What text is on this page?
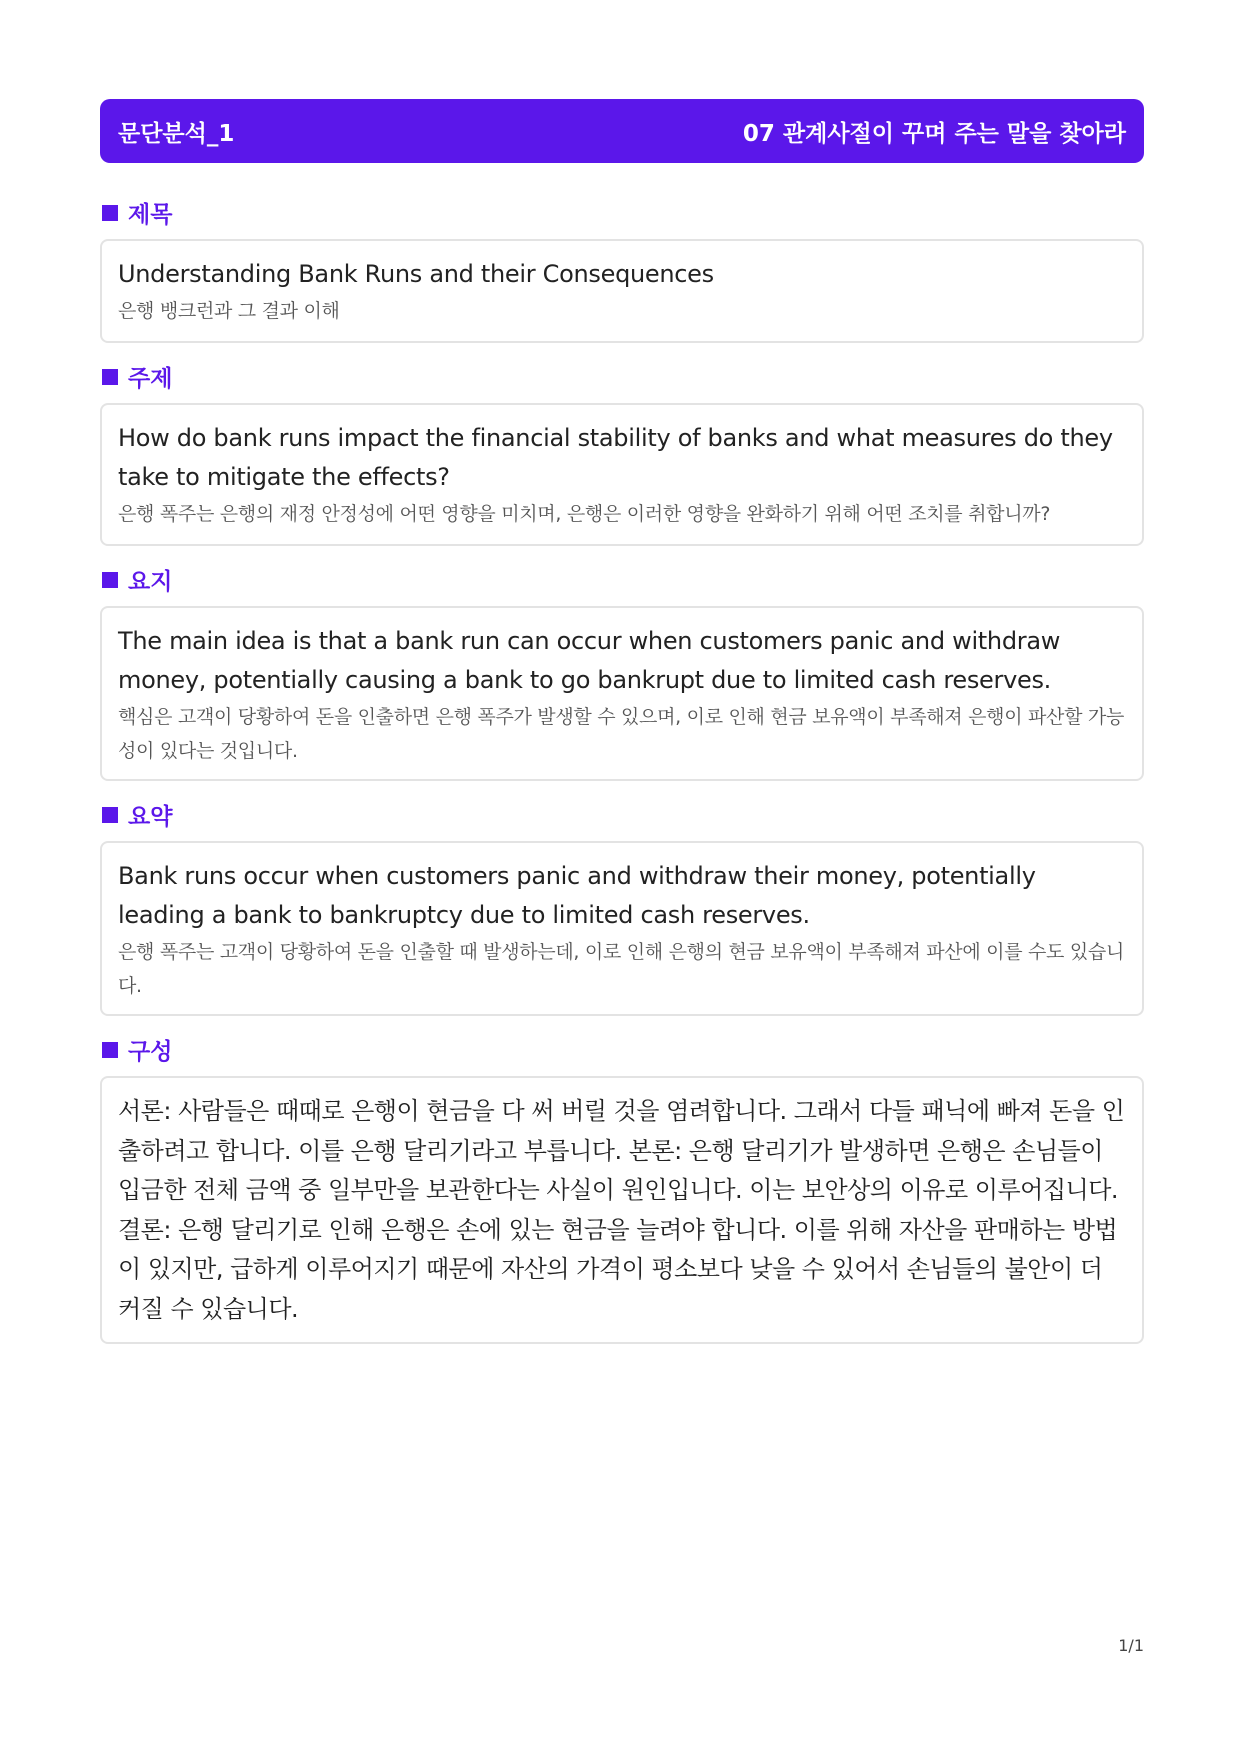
문단분석_1	07 관계사절이 꾸며 주는 말을 찾아라
제목
Understanding Bank Runs and their Consequences
은행 뱅크런과 그 결과 이해
주제
How do bank runs impact the financial stability of banks and what measures do they take to mitigate the effects?
은행 폭주는 은행의 재정 안정성에 어떤 영향을 미치며, 은행은 이러한 영향을 완화하기 위해 어떤 조치를 취합니까?
요지
The main idea is that a bank run can occur when customers panic and withdraw money, potentially causing a bank to go bankrupt due to limited cash reserves.
핵심은 고객이 당황하여 돈을 인출하면 은행 폭주가 발생할 수 있으며, 이로 인해 현금 보유액이 부족해져 은행이 파산할 가능성이 있다는 것입니다.
요약
Bank runs occur when customers panic and withdraw their money, potentially leading a bank to bankruptcy due to limited cash reserves.
은행 폭주는 고객이 당황하여 돈을 인출할 때 발생하는데, 이로 인해 은행의 현금 보유액이 부족해져 파산에 이를 수도 있습니다.
구성
서론: 사람들은 때때로 은행이 현금을 다 써 버릴 것을 염려합니다. 그래서 다들 패닉에 빠져 돈을 인출하려고 합니다. 이를 은행 달리기라고 부릅니다. 본론: 은행 달리기가 발생하면 은행은 손님들이 입금한 전체 금액 중 일부만을 보관한다는 사실이 원인입니다. 이는 보안상의 이유로 이루어집니다. 결론: 은행 달리기로 인해 은행은 손에 있는 현금을 늘려야 합니다. 이를 위해 자산을 판매하는 방법이 있지만, 급하게 이루어지기 때문에 자산의 가격이 평소보다 낮을 수 있어서 손님들의 불안이 더 커질 수 있습니다.
1/1
